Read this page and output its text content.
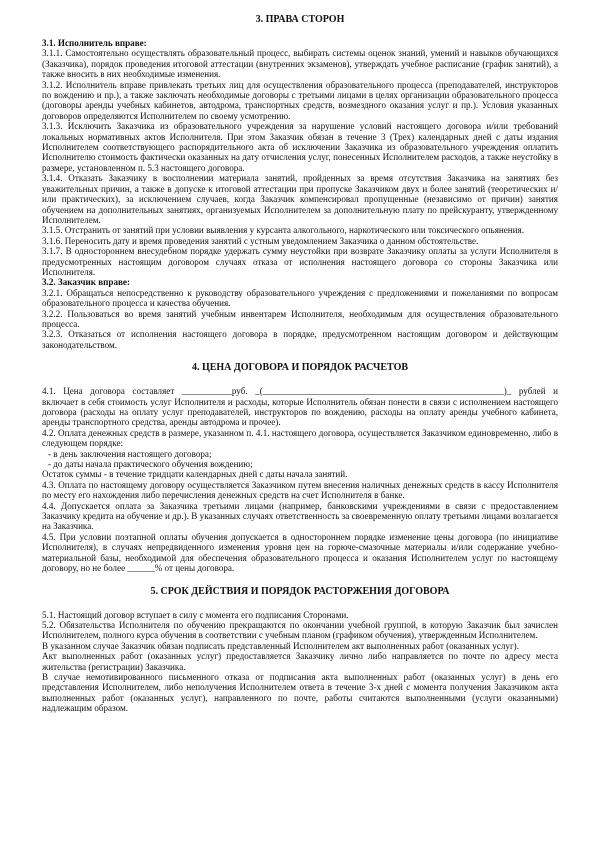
3. ПРАВА СТОРОН

3.1. Исполнитель вправе:

3.1.1. Самостоятельно осуществлять образовательный процесс, выбирать системы оценок знаний, умений и навыков обучающихся (Заказчика), порядок проведения итоговой аттестации (внутренних экзаменов), утверждать учебное расписание (график занятий), а также вносить в них необходимые изменения.

3.1.2. Исполнитель вправе привлекать третьих лиц для осуществления образовательного процесса (преподавателей, инструкторов по вождению и пр.), а также заключать необходимые договоры с третьими лицами в целях организации образовательного процесса (договоры аренды учебных кабинетов, автодрома, транспортных средств, возмездного оказания услуг и пр.). Условия указанных договоров определяются Исполнителем по своему усмотрению.

3.1.3. Исключить Заказчика из образовательного учреждения за нарушение условий настоящего договора и/или требований локальных нормативных актов Исполнителя. При этом Заказчик обязан в течение 3 (Трех) календарных дней с даты издания Исполнителем соответствующего распорядительного акта об исключении Заказчика из образовательного учреждения оплатить Исполнителю стоимость фактически оказанных на дату отчисления услуг, понесенных Исполнителем расходов, а также неустойку в размере, установленном п. 5.3 настоящего договора.

3.1.4. Отказать Заказчику в восполнении материала занятий, пройденных за время отсутствия Заказчика на занятиях без уважительных причин, а также в допуске к итоговой аттестации при пропуске Заказчиком двух и более занятий (теоретических и/или практических), за исключением случаев, когда Заказчик компенсировал пропущенные (независимо от причин) занятия обучением на дополнительных занятиях, организуемых Исполнителем за дополнительную плату по прейскуранту, утвержденному Исполнителем.

3.1.5. Отстранить от занятий при условии выявления у курсанта алкогольного, наркотического или токсического опьянения.

3.1.6. Переносить дату и время проведения занятий с устным уведомлением Заказчика о данном обстоятельстве.

3.1.7. В одностороннем внесудебном порядке удержать сумму неустойки при возврате Заказчику оплаты за услуги Исполнителя в предусмотренных настоящим договором случаях отказа от исполнения настоящего договора со стороны Заказчика или Исполнителя.

3.2. Заказчик вправе:

3.2.1. Обращаться непосредственно к руководству образовательного учреждения с предложениями и пожеланиями по вопросам образовательного процесса и качества обучения.

3.2.2. Пользоваться во время занятий учебным инвентарем Исполнителя, необходимым для осуществления образовательного процесса.

3.2.3. Отказаться от исполнения настоящего договора в порядке, предусмотренном настоящим договором и действующим законодательством.

4. ЦЕНА ДОГОВОРА И ПОРЯДОК РАСЧЕТОВ

4.1. Цена договора составляет ___________руб. _(_____________________________________________________)_ рублей и включает в себя стоимость услуг Исполнителя и расходы, которые Исполнитель обязан понести в связи с исполнением настоящего договора (расходы на оплату услуг преподавателей, инструкторов по вождению, расходы на оплату аренды учебного кабинета, аренды транспортного средства, аренды автодрома и прочее).

4.2. Оплата денежных средств в размере, указанном п. 4.1. настоящего договора, осуществляется Заказчиком единовременно, либо в следующем порядке:

- в день заключения настоящего договора;

- до даты начала практического обучения вождению;

Остаток суммы - в течение тридцати календарных дней с даты начала занятий.

4.3. Оплата по настоящему договору осуществляется Заказчиком путем внесения наличных денежных средств в кассу Исполнителя по месту его нахождения либо перечисления денежных средств на счет Исполнителя в банке.

4.4. Допускается оплата за Заказчика третьими лицами (например, банковскими учреждениями в связи с предоставлением Заказчику кредита на обучение и др.). В указанных случаях ответственность за своевременную оплату третьими лицами возлагается на Заказчика.

4.5. При условии поэтапной оплаты обучения допускается в одностороннем порядке изменение цены договора (по инициативе Исполнителя), в случаях непредвиденного изменения уровня цен на горюче-смазочные материалы и/или содержание учебно-материальной базы, необходимой для обеспечения образовательного процесса и оказания Исполнителем услуг по настоящему договору, но не более ______% от цены договора.

5. СРОК ДЕЙСТВИЯ И ПОРЯДОК РАСТОРЖЕНИЯ ДОГОВОРА

5.1. Настоящий договор вступает в силу с момента его подписания Сторонами.

5.2. Обязательства Исполнителя по обучению прекращаются по окончании учебной группой, в которую Заказчик был зачислен Исполнителем, полного курса обучения в соответствии с учебным планом (графиком обучения), утвержденным Исполнителем.

В указанном случае Заказчик обязан подписать представленный Исполнителем акт выполненных работ (оказанных услуг).

Акт выполненных работ (оказанных услуг) предоставляется Заказчику лично либо направляется по почте по адресу места жительства (регистрации) Заказчика.

В случае немотивированного письменного отказа от подписания акта выполненных работ (оказанных услуг) в день его представления Исполнителем, либо неполучения Исполнителем ответа в течение 3-х дней с момента получения Заказчиком акта выполненных работ (оказанных услуг), направленного по почте, работы считаются выполненными (услуги оказанными) надлежащим образом.
